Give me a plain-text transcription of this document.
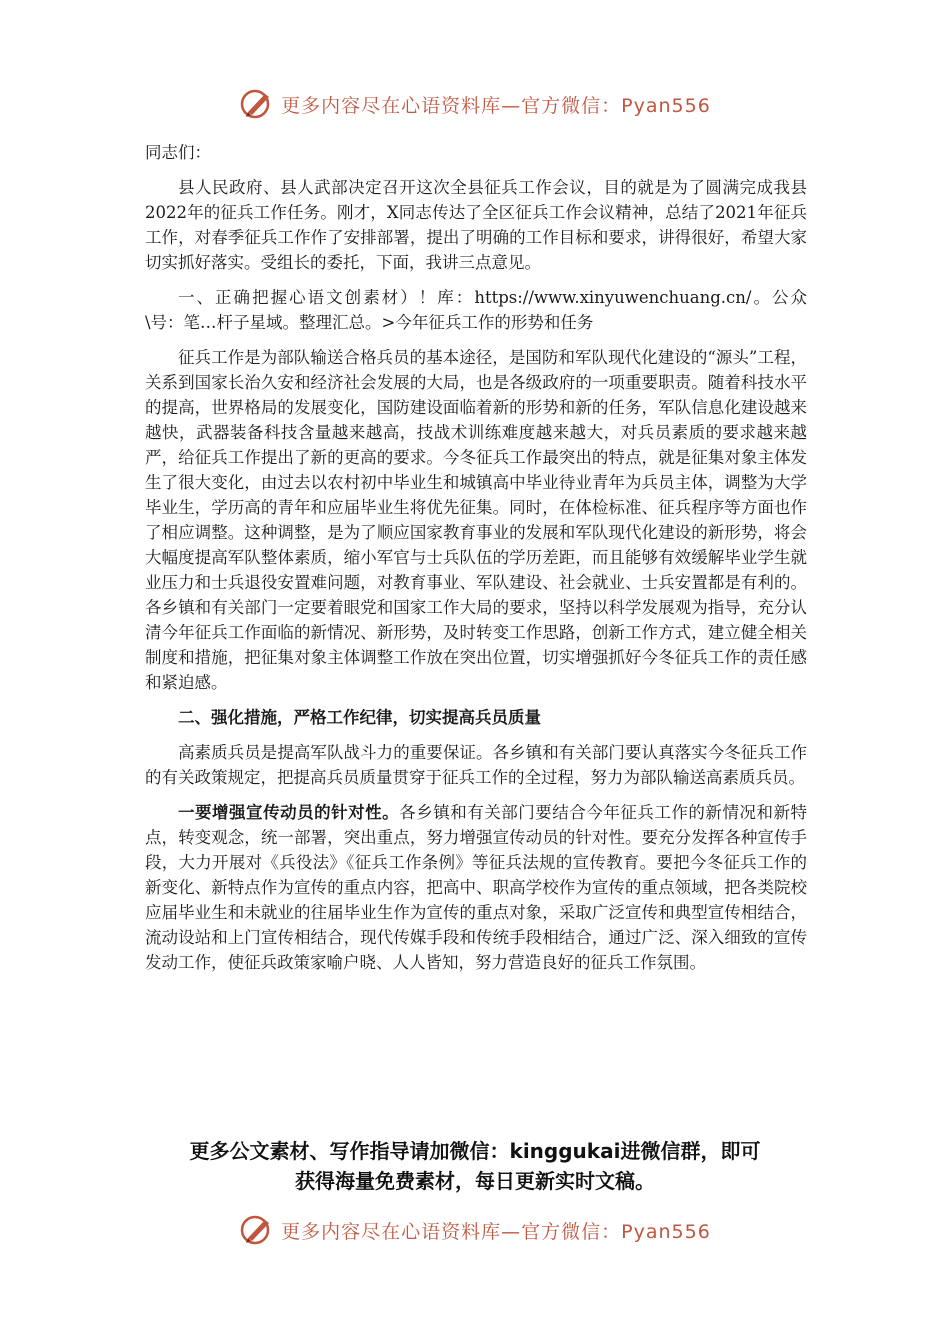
更多内容尽在心语资料库—官方微信：Pyan556

同志们：

县人民政府、县人武部决定召开这次全县征兵工作会议，目的就是为了圆满完成我县2022年的征兵工作任务。刚才，X同志传达了全区征兵工作会议精神，总结了2021年征兵工作，对春季征兵工作作了安排部署，提出了明确的工作目标和要求，讲得很好，希望大家切实抓好落实。受组长的委托，下面，我讲三点意见。

一、正确把握心语文创素材）！库：https://www.xinyuwenchuang.cn/。公众\号：笔…杆子星域。整理汇总。>今年征兵工作的形势和任务

征兵工作是为部队输送合格兵员的基本途径，是国防和军队现代化建设的“源头”工程，关系到国家长治久安和经济社会发展的大局，也是各级政府的一项重要职责。随着科技水平的提高，世界格局的发展变化，国防建设面临着新的形势和新的任务，军队信息化建设越来越快，武器装备科技含量越来越高，技战术训练难度越来越大，对兵员素质的要求越来越严，给征兵工作提出了新的更高的要求。今冬征兵工作最突出的特点，就是征集对象主体发生了很大变化，由过去以农村初中毕业生和城镇高中毕业待业青年为兵员主体，调整为大学毕业生，学历高的青年和应届毕业生将优先征集。同时，在体检标准、征兵程序等方面也作了相应调整。这种调整，是为了顺应国家教育事业的发展和军队现代化建设的新形势，将会大幅度提高军队整体素质，缩小军官与士兵队伍的学历差距，而且能够有效缓解毕业学生就业压力和士兵退役安置难问题，对教育事业、军队建设、社会就业、士兵安置都是有利的。各乡镇和有关部门一定要着眼党和国家工作大局的要求，坚持以科学发展观为指导，充分认清今年征兵工作面临的新情况、新形势，及时转变工作思路，创新工作方式，建立健全相关制度和措施，把征集对象主体调整工作放在突出位置，切实增强抓好今冬征兵工作的责任感和紧迫感。

二、强化措施，严格工作纪律，切实提高兵员质量

高素质兵员是提高军队战斗力的重要保证。各乡镇和有关部门要认真落实今冬征兵工作的有关政策规定，把提高兵员质量贯穿于征兵工作的全过程，努力为部队输送高素质兵员。

一要增强宣传动员的针对性。各乡镇和有关部门要结合今年征兵工作的新情况和新特点，转变观念，统一部署，突出重点，努力增强宣传动员的针对性。要充分发挥各种宣传手段，大力开展对《兵役法》《征兵工作条例》等征兵法规的宣传教育。要把今冬征兵工作的新变化、新特点作为宣传的重点内容，把高中、职高学校作为宣传的重点领域，把各类院校应届毕业生和未就业的往届毕业生作为宣传的重点对象，采取广泛宣传和典型宣传相结合，流动设站和上门宣传相结合，现代传媒手段和传统手段相结合，通过广泛、深入细致的宣传发动工作，使征兵政策家喻户晓、人人皆知，努力营造良好的征兵工作氛围。

更多公文素材、写作指导请加微信：kinggukai进微信群，即可
获得海量免费素材，每日更新实时文稿。
更多内容尽在心语资料库—官方微信：Pyan556
